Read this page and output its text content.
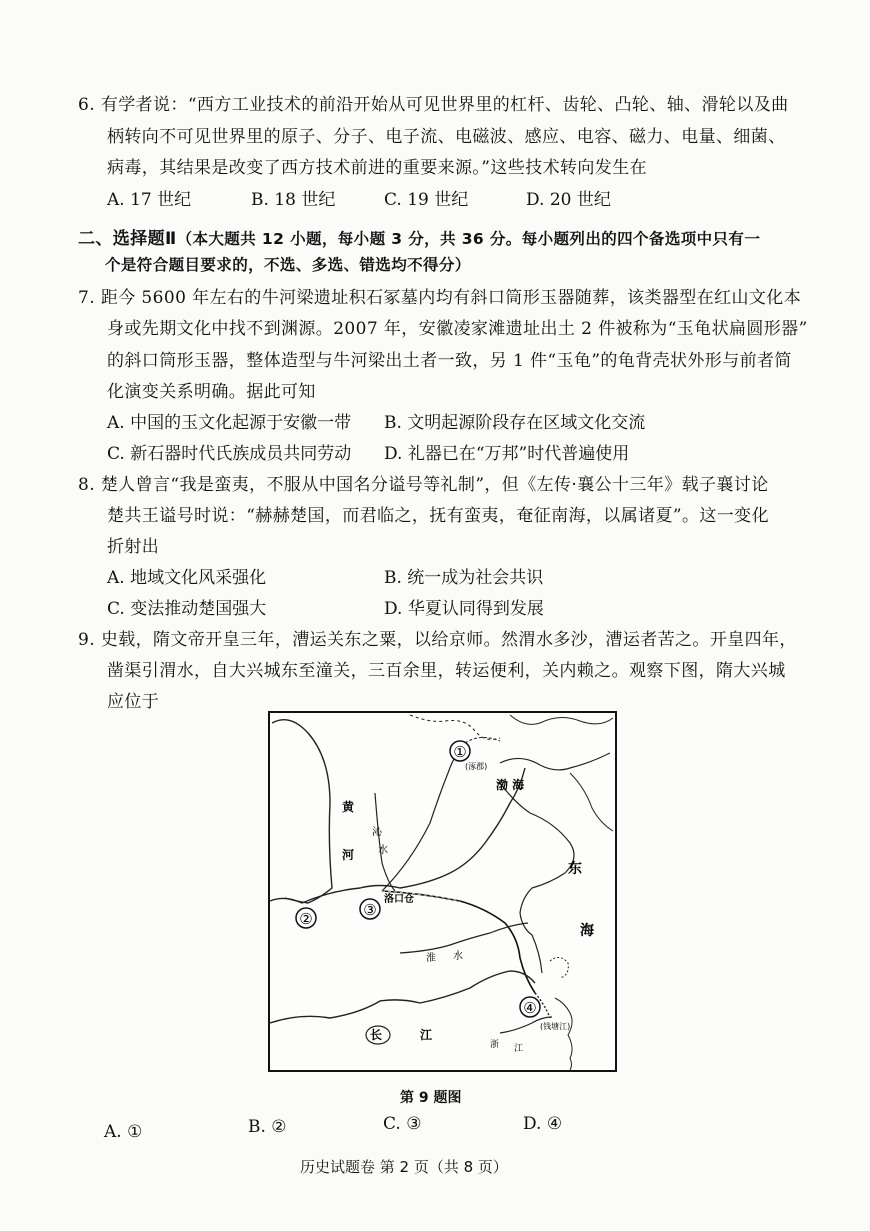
6. 有学者说：“西方工业技术的前沿开始从可见世界里的杠杆、齿轮、凸轮、轴、滑轮以及曲
柄转向不可见世界里的原子、分子、电子流、电磁波、感应、电容、磁力、电量、细菌、
病毒，其结果是改变了西方技术前进的重要来源。”这些技术转向发生在
A. 17 世纪	B. 18 世纪	C. 19 世纪	D. 20 世纪
二、选择题Ⅱ（本大题共 12 小题，每小题 3 分，共 36 分。每小题列出的四个备选项中只有一
个是符合题目要求的，不选、多选、错选均不得分）
7. 距今 5600 年左右的牛河梁遗址积石冢墓内均有斜口筒形玉器随葬，该类器型在红山文化本
身或先期文化中找不到渊源。2007 年，安徽凌家滩遗址出土 2 件被称为“玉龟状扁圆形器”
的斜口筒形玉器，整体造型与牛河梁出土者一致，另 1 件“玉龟”的龟背壳状外形与前者简
化演变关系明确。据此可知
A. 中国的玉文化起源于安徽一带 B. 文明起源阶段存在区域文化交流
C. 新石器时代氏族成员共同劳动 D. 礼器已在“万邦”时代普遍使用
8. 楚人曾言“我是蛮夷，不服从中国名分谥号等礼制”，但《左传·襄公十三年》载子襄讨论
楚共王谥号时说：“赫赫楚国，而君临之，抚有蛮夷，奄征南海，以属诸夏”。这一变化
折射出
A. 地域文化风采强化	B. 统一成为社会共识
C. 变法推动楚国强大	D. 华夏认同得到发展
9. 史载，隋文帝开皇三年，漕运关东之粟，以给京师。然渭水多沙，漕运者苦之。开皇四年，
凿渠引渭水，自大兴城东至潼关，三百余里，转运便利，关内赖之。观察下图，隋大兴城
应位于
①
②	③
④
(涿郡)
渤 海
黄
河
沁
水
东
海
洛口仓
淮 水
长	江
浙 江
(钱塘江)
第 9 题图
A. ①	B. ②	C. ③	D. ④
历史试题卷 第 2 页（共 8 页）
